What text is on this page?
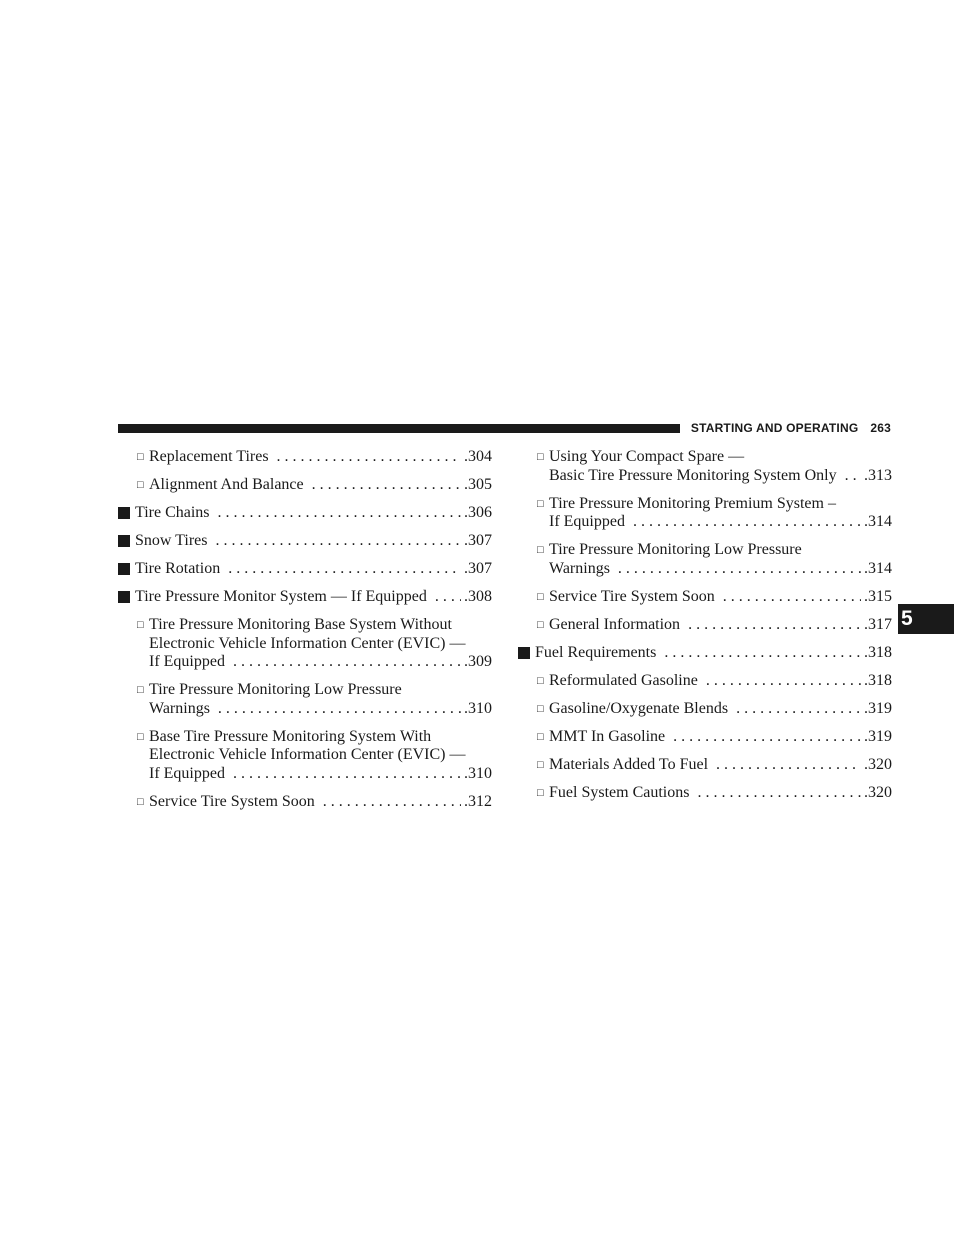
STARTING AND OPERATING 263
5
□ Replacement Tires . . .	.304
□ Alignment And Balance . . .	.305
Tire Chains . . .	.306
Snow Tires . . .	.307
Tire Rotation . . .	.307
Tire Pressure Monitor System — If Equipped . . . .308
□ Tire Pressure Monitoring Base System Without
Electronic Vehicle Information Center (EVIC) —
If Equipped . . .	.309
□ Tire Pressure Monitoring Low Pressure
Warnings . . .	.310
□ Base Tire Pressure Monitoring System With
Electronic Vehicle Information Center (EVIC) —
If Equipped . . .	.310
□ Service Tire System Soon . . .	.312
□ Using Your Compact Spare —
Basic Tire Pressure Monitoring System Only . . . .313
□ Tire Pressure Monitoring Premium System –
If Equipped . . .	.314
□ Tire Pressure Monitoring Low Pressure
Warnings . . .	.314
□ Service Tire System Soon . . .	.315
□ General Information . . .	.317
Fuel Requirements . . .	.318
□ Reformulated Gasoline . . .	.318
□ Gasoline/Oxygenate Blends . . .	.319
□ MMT In Gasoline . . .	.319
□ Materials Added To Fuel . . .	.320
□ Fuel System Cautions . . .	.320
